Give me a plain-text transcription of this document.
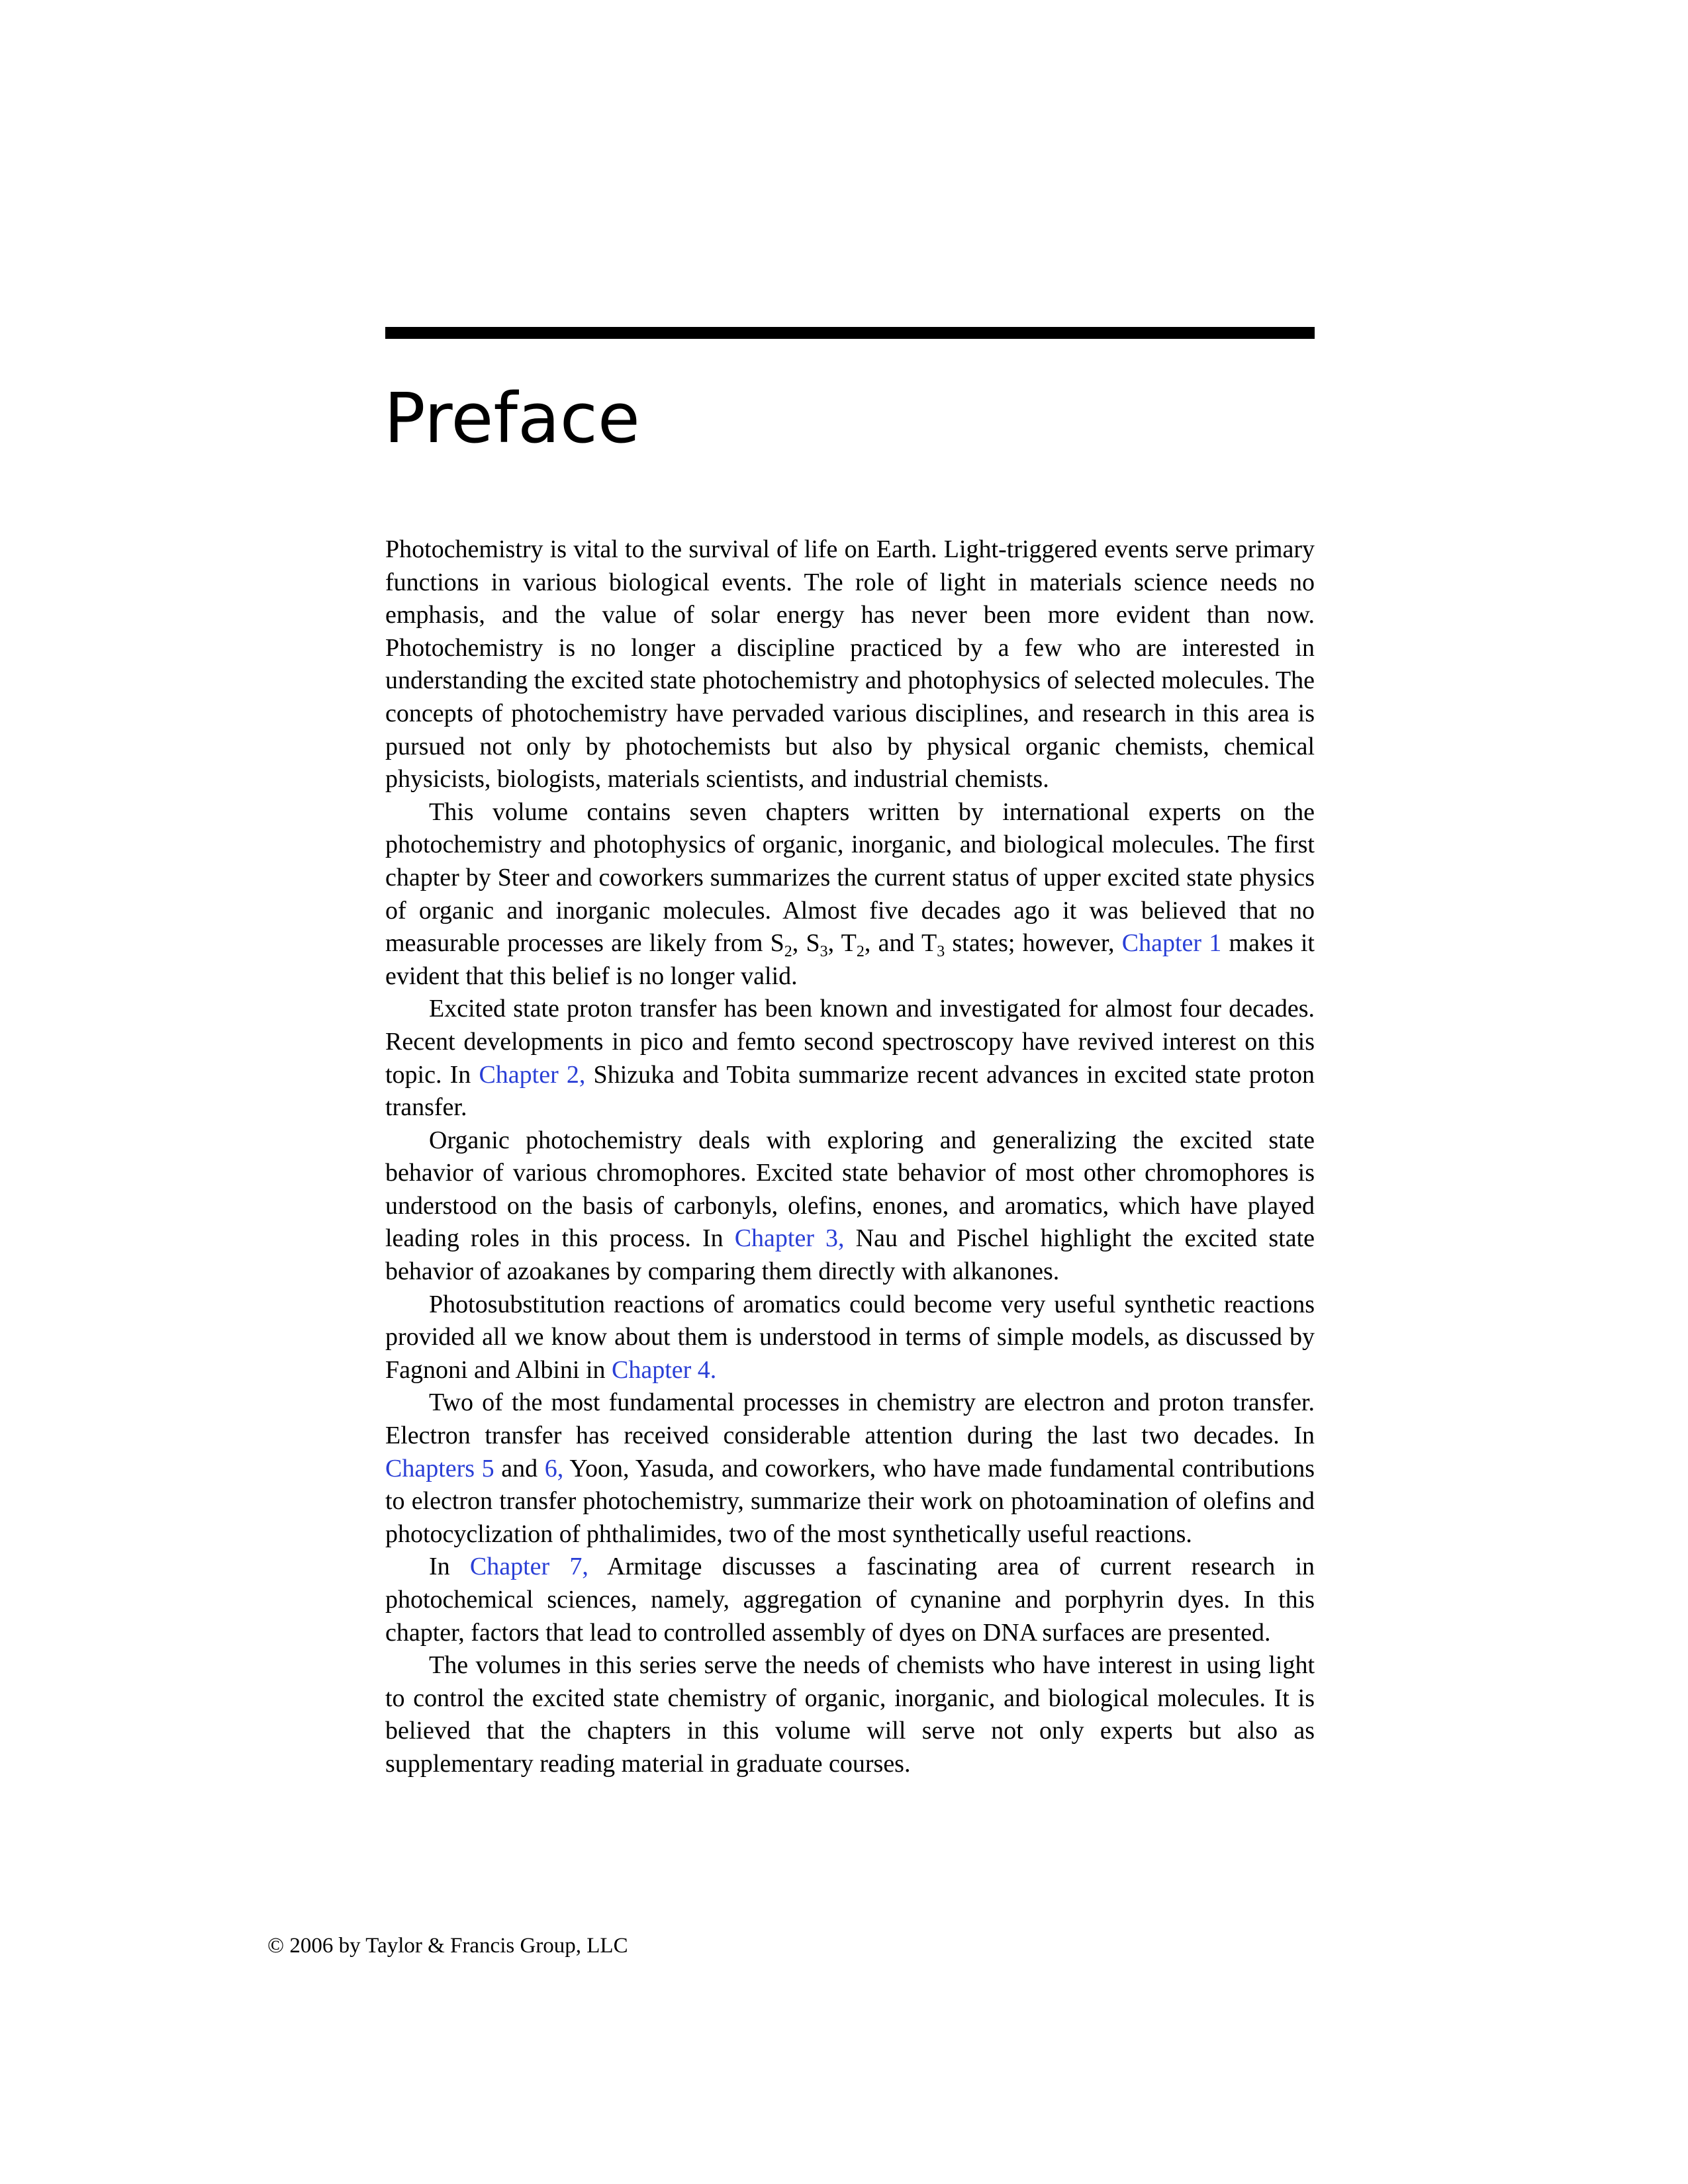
Preface

Photochemistry is vital to the survival of life on Earth. Light-triggered events serve primary functions in various biological events. The role of light in materials science needs no emphasis, and the value of solar energy has never been more evident than now. Photochemistry is no longer a discipline practiced by a few who are interested in understanding the excited state photochemistry and photophysics of selected molecules. The concepts of photochemistry have pervaded various disciplines, and research in this area is pursued not only by photochemists but also by physical organic chemists, chemical physicists, biologists, materials scientists, and industrial chemists.

This volume contains seven chapters written by international experts on the photochemistry and photophysics of organic, inorganic, and biological molecules. The first chapter by Steer and coworkers summarizes the current status of upper excited state physics of organic and inorganic molecules. Almost five decades ago it was believed that no measurable processes are likely from $S_2$, $S_3$, $T_2$, and $T_3$ states; however, Chapter 1 makes it evident that this belief is no longer valid.

Excited state proton transfer has been known and investigated for almost four decades. Recent developments in pico and femto second spectroscopy have revived interest on this topic. In Chapter 2, Shizuka and Tobita summarize recent advances in excited state proton transfer.

Organic photochemistry deals with exploring and generalizing the excited state behavior of various chromophores. Excited state behavior of most other chromophores is understood on the basis of carbonyls, olefins, enones, and aromatics, which have played leading roles in this process. In Chapter 3, Nau and Pischel highlight the excited state behavior of azoakanes by comparing them directly with alkanones.

Photosubstitution reactions of aromatics could become very useful synthetic reactions provided all we know about them is understood in terms of simple models, as discussed by Fagnoni and Albini in Chapter 4.

Two of the most fundamental processes in chemistry are electron and proton transfer. Electron transfer has received considerable attention during the last two decades. In Chapters 5 and 6, Yoon, Yasuda, and coworkers, who have made fundamental contributions to electron transfer photochemistry, summarize their work on photoamination of olefins and photocyclization of phthalimides, two of the most synthetically useful reactions.

In Chapter 7, Armitage discusses a fascinating area of current research in photochemical sciences, namely, aggregation of cynanine and porphyrin dyes. In this chapter, factors that lead to controlled assembly of dyes on DNA surfaces are presented.

The volumes in this series serve the needs of chemists who have interest in using light to control the excited state chemistry of organic, inorganic, and biological molecules. It is believed that the chapters in this volume will serve not only experts but also as supplementary reading material in graduate courses.

© 2006 by Taylor & Francis Group, LLC
